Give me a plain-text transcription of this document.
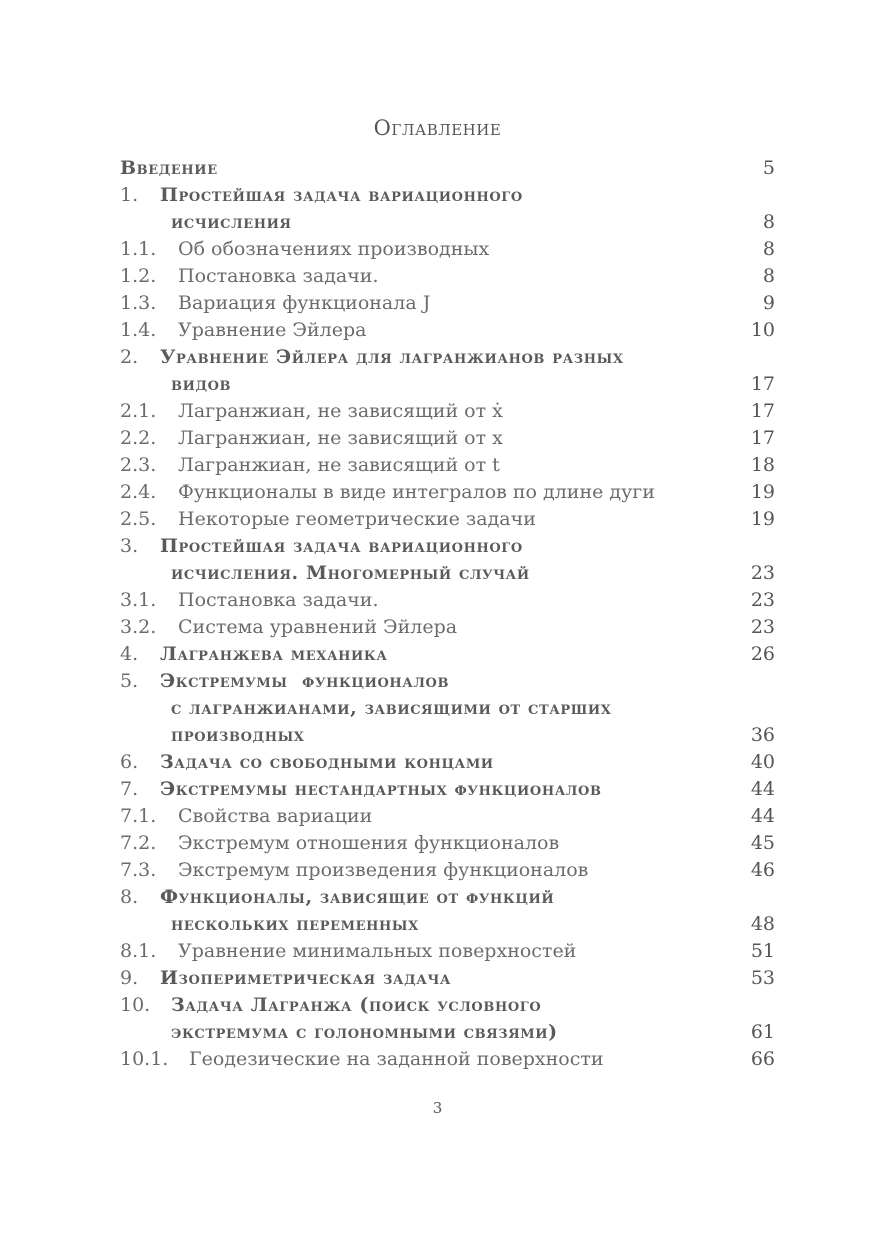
Оглавление
Введение	5
1. Простейшая задача вариационного
исчисления	8
1.1. Об обозначениях производных	8
1.2. Постановка задачи.	8
1.3. Вариация функционала J	9
1.4. Уравнение Эйлера	10
2. Уравнение Эйлера для лагранжианов разных
видов	17
2.1. Лагранжиан, не зависящий от ẋ	17
2.2. Лагранжиан, не зависящий от x	17
2.3. Лагранжиан, не зависящий от t	18
2.4. Функционалы в виде интегралов по длине дуги	19
2.5. Некоторые геометрические задачи	19
3. Простейшая задача вариационного
исчисления. Многомерный случай	23
3.1. Постановка задачи.	23
3.2. Система уравнений Эйлера	23
4. Лагранжева механика	26
5. Экстремумы  функционалов
с лагранжианами, зависящими от старших
производных	36
6. Задача со свободными концами	40
7. Экстремумы нестандартных функционалов	44
7.1. Свойства вариации	44
7.2. Экстремум отношения функционалов	45
7.3. Экстремум произведения функционалов	46
8. Функционалы, зависящие от функций
нескольких переменных	48
8.1. Уравнение минимальных поверхностей	51
9. Изопериметрическая задача	53
10. Задача Лагранжа (поиск условного
экстремума с голономными связями)	61
10.1. Геодезические на заданной поверхности	66
3
